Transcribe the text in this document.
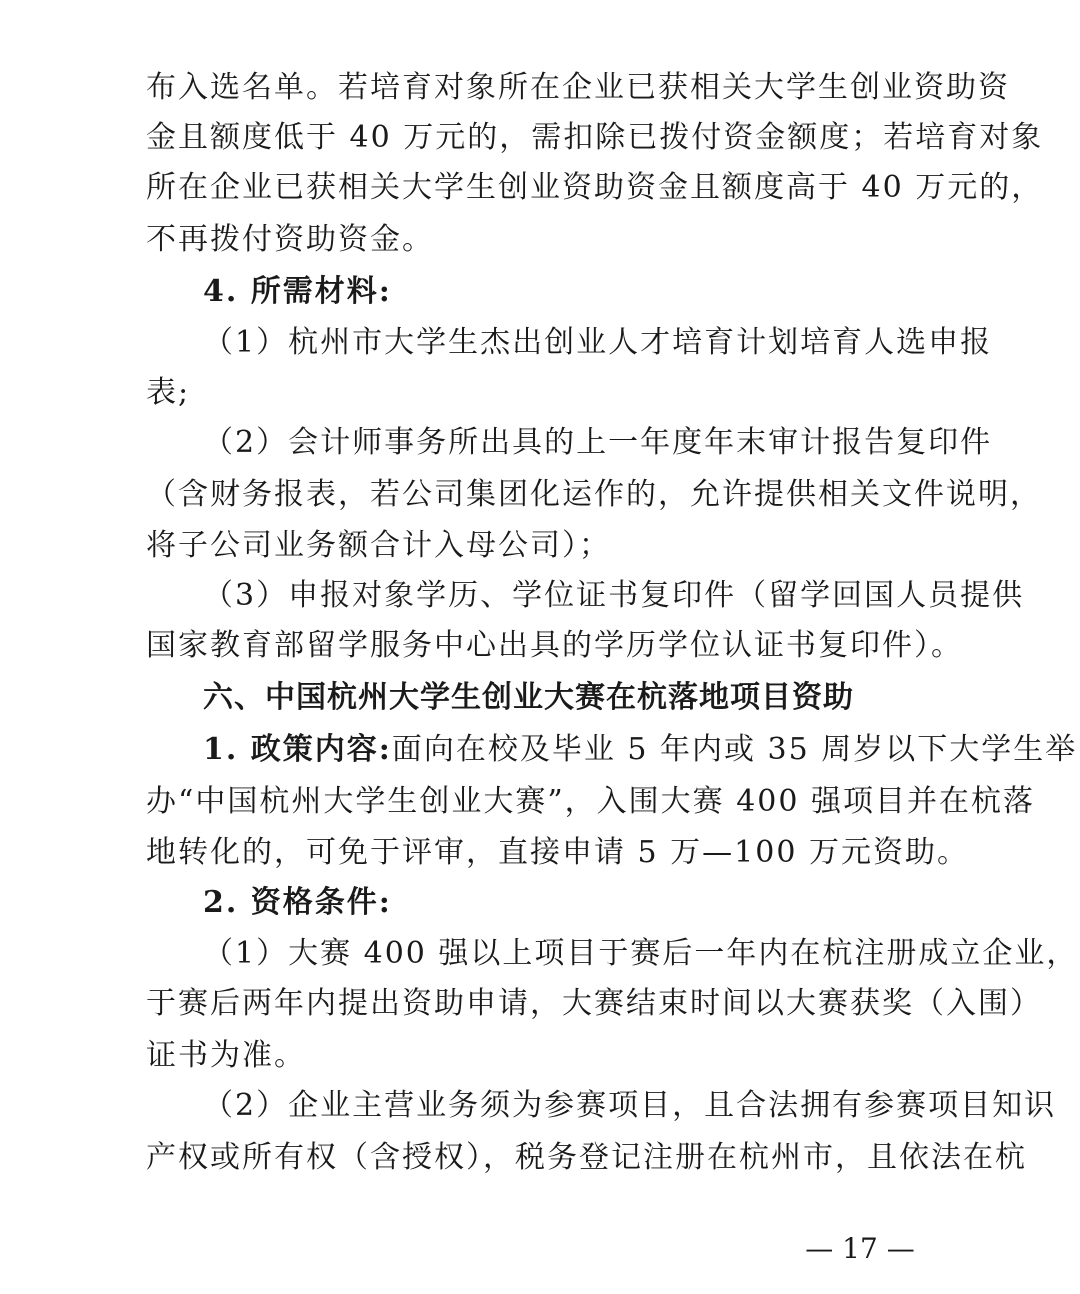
布入选名单。若培育对象所在企业已获相关大学生创业资助资
金且额度低于 40 万元的，需扣除已拨付资金额度；若培育对象
所在企业已获相关大学生创业资助资金且额度高于 40 万元的，
不再拨付资助资金。
4. 所需材料:
（1）杭州市大学生杰出创业人才培育计划培育人选申报
表;
（2）会计师事务所出具的上一年度年末审计报告复印件
（含财务报表，若公司集团化运作的，允许提供相关文件说明，
将子公司业务额合计入母公司）；
（3）申报对象学历、学位证书复印件（留学回国人员提供
国家教育部留学服务中心出具的学历学位认证书复印件）。
六、中国杭州大学生创业大赛在杭落地项目资助
1. 政策内容:面向在校及毕业 5 年内或 35 周岁以下大学生举
办“中国杭州大学生创业大赛”，入围大赛 400 强项目并在杭落
地转化的，可免于评审，直接申请 5 万—100 万元资助。
2. 资格条件:
（1）大赛 400 强以上项目于赛后一年内在杭注册成立企业，
于赛后两年内提出资助申请，大赛结束时间以大赛获奖（入围）
证书为准。
（2）企业主营业务须为参赛项目，且合法拥有参赛项目知识
产权或所有权（含授权），税务登记注册在杭州市，且依法在杭
— 17 —
